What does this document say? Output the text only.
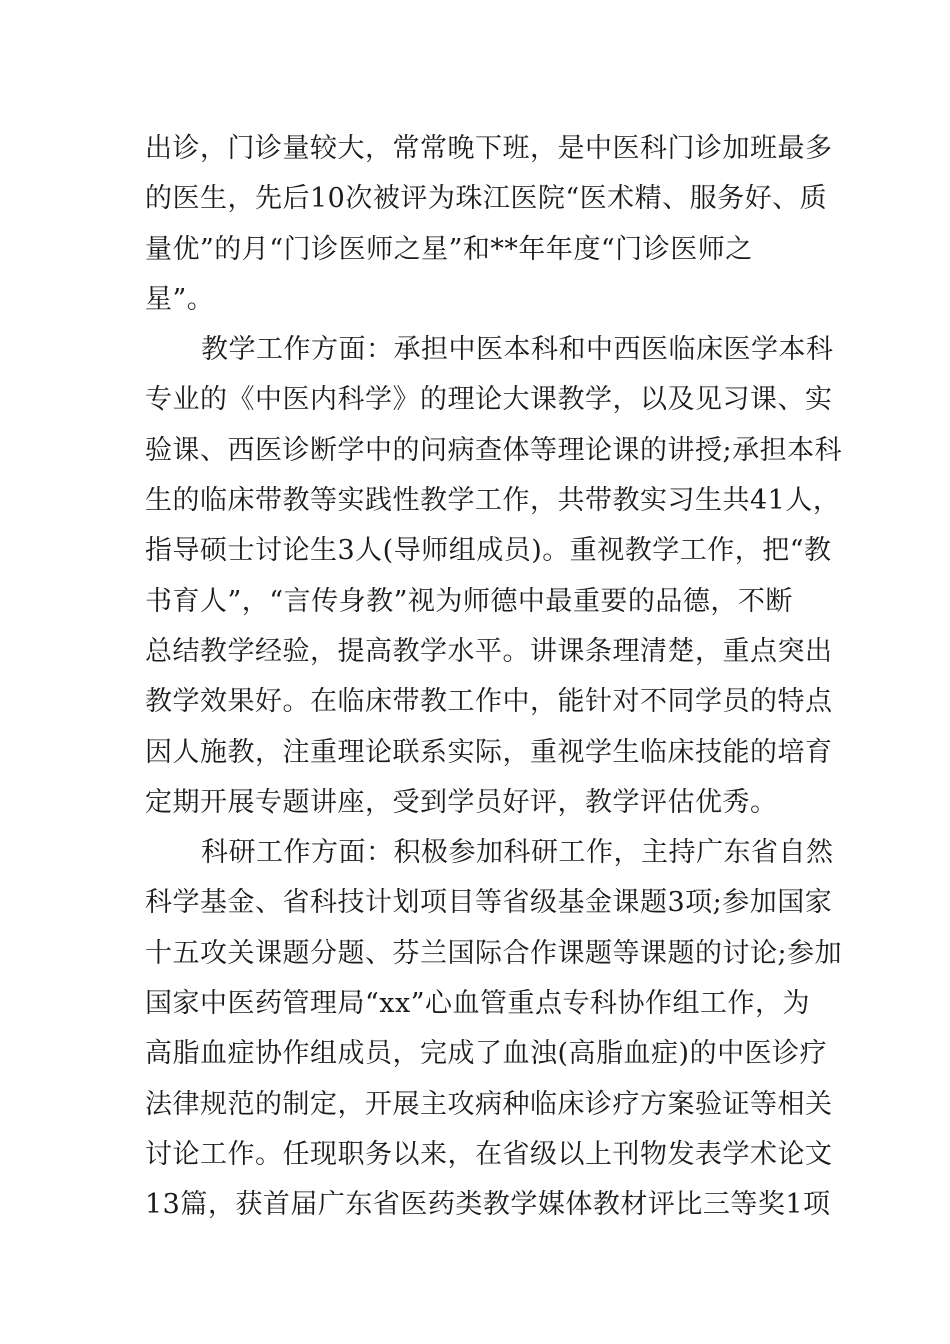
出诊，门诊量较大，常常晚下班，是中医科门诊加班最多
的医生，先后10次被评为珠江医院“医术精、服务好、质
量优”的月“门诊医师之星”和**年年度“门诊医师之
星”。
教学工作方面：承担中医本科和中西医临床医学本科
专业的《中医内科学》的理论大课教学，以及见习课、实
验课、西医诊断学中的问病查体等理论课的讲授;承担本科
生的临床带教等实践性教学工作，共带教实习生共41人，
指导硕士讨论生3人(导师组成员)。重视教学工作，把“教
书育人”，“言传身教”视为师德中最重要的品德，不断
总结教学经验，提高教学水平。讲课条理清楚，重点突出
教学效果好。在临床带教工作中，能针对不同学员的特点
因人施教，注重理论联系实际，重视学生临床技能的培育
定期开展专题讲座，受到学员好评，教学评估优秀。
科研工作方面：积极参加科研工作，主持广东省自然
科学基金、省科技计划项目等省级基金课题3项;参加国家
十五攻关课题分题、芬兰国际合作课题等课题的讨论;参加
国家中医药管理局“xx”心血管重点专科协作组工作，为
高脂血症协作组成员，完成了血浊(高脂血症)的中医诊疗
法律规范的制定，开展主攻病种临床诊疗方案验证等相关
讨论工作。任现职务以来，在省级以上刊物发表学术论文
13篇，获首届广东省医药类教学媒体教材评比三等奖1项
